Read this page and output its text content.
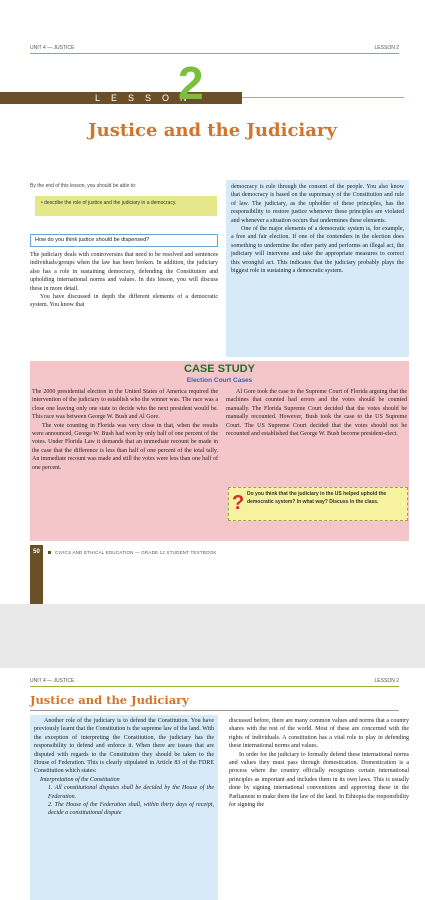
UNIT 4 — JUSTICE	LESSON 2
LESSON
2
Justice and the Judiciary
By the end of this lesson, you should be able to:
• describe the role of justice and the judiciary in a democracy.
How do you think justice should be dispensed?

The judiciary deals with controversies that need to be resolved and sentences individuals/groups when the law has been broken. In addition, the judiciary also has a role in sustaining democracy, defending the Constitution and upholding international norms and values. In this lesson, you will discuss these in more detail.

You have discussed in depth the different elements of a democratic system. You know that

democracy is rule through the consent of the people. You also know that democracy is based on the supremacy of the Constitution and rule of law. The judiciary, as the upholder of these principles, has the responsibility to restore justice whenever these principles are violated and whenever a situation occurs that undermines these elements.

One of the major elements of a democratic system is, for example, a free and fair election. If one of the contenders in the election does something to undermine the other party and performs an illegal act, the judiciary will intervene and take the appropriate measures to correct this wrongful act. This indicates that the judiciary probably plays the biggest role in sustaining a democratic system.

CASE STUDY
Election Court Cases

The 2000 presidential election in the United States of America required the intervention of the judiciary to establish who the winner was. The race was a close one leaving only one state to decide who the next president would be. This race was between George W. Bush and Al Gore.

The vote counting in Florida was very close in that, when the results were announced, George W. Bush had won by only half of one percent of the votes. Under Florida Law it demands that an immediate recount be made in the case that the difference is less than half of one percent of the total tally. An immediate recount was made and still the votes were less than one half of one percent.

Al Gore took the case to the Supreme Court of Florida arguing that the machines that counted had errors and the votes should be counted manually. The Florida Supreme Court decided that the votes should be manually recounted. However, Bush took the case to the US Supreme Court. The US Supreme Court decided that the votes should not be recounted and established that George W. Bush become president-elect.

? Do you think that the judiciary in the US helped uphold the democratic system? In what way? Discuss in the class.
50	CIVICS AND ETHICAL EDUCATION — GRADE 12 STUDENT TEXTBOOK
UNIT 4 — JUSTICE	LESSON 2
Justice and the Judiciary

Another role of the judiciary is to defend the Constitution. You have previously learnt that the Constitution is the supreme law of the land. With the exception of interpreting the Constitution, the judiciary has the responsibility to defend and enforce it. When there are issues that are disputed with regards to the Constitution they should be taken to the House of Federation. This is clearly stipulated in Article 83 of the FDRE Constitution which states:

Interpretation of the Constitution

1. All constitutional disputes shall be decided by the House of the Federation.

2. The House of the Federation shall, within thirty days of receipt, decide a constitutional dispute

discussed before, there are many common values and norms that a country shares with the rest of the world. Most of these are concerned with the rights of individuals. A constitution has a vital role to play in defending these international norms and values.

In order for the judiciary to formally defend these international norms and values they must pass through domestication. Domestication is a process where the country officially recognizes certain international principles as important and includes them in its own laws. This is usually done by signing international conventions and approving these in the Parliament to make them the law of the land. In Ethiopia the responsibility for signing the
